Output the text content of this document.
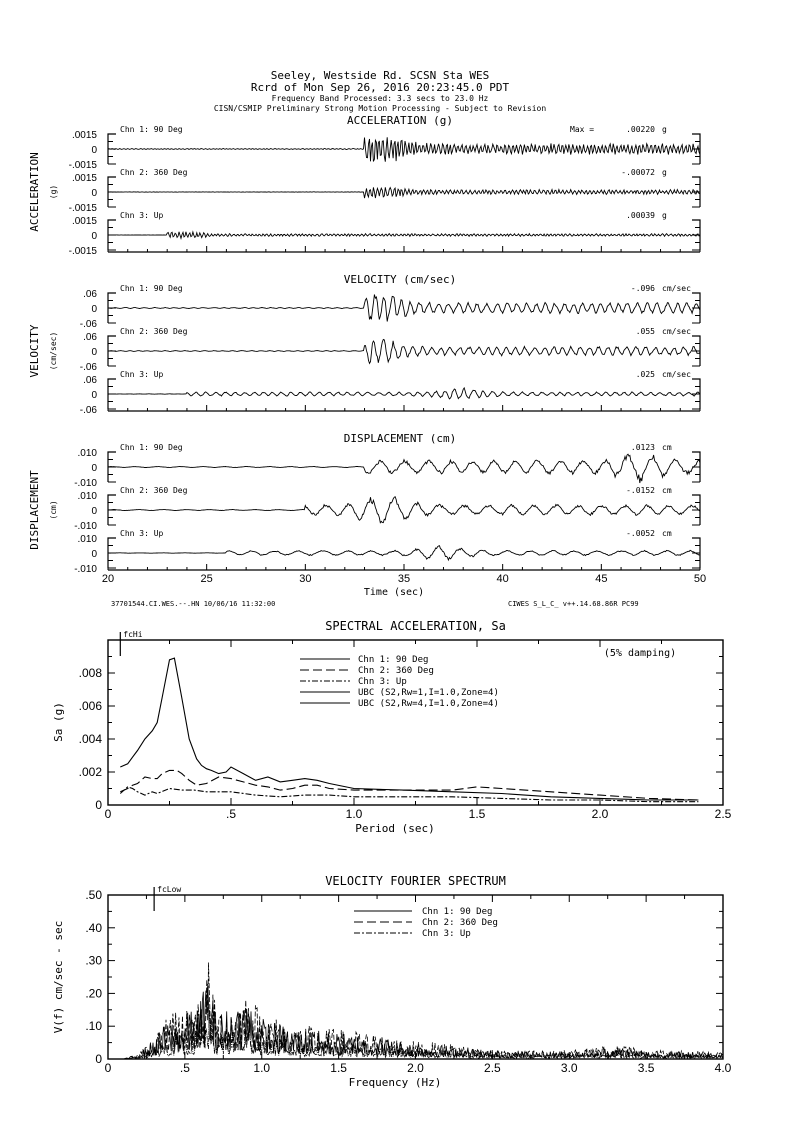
Seeley, Westside Rd. SCSN Sta WES
Rcrd of Mon Sep 26, 2016 20:23:45.0 PDT
Frequency Band Processed: 3.3 secs to 23.0 Hz
CISN/CSMIP Preliminary Strong Motion Processing - Subject to Revision
ACCELERATION (g)
ACCELERATION (g)
.0015
0
-.0015
Chn 1: 90 Deg	Max =	.00220 g
.0015
0
-.0015
Chn 2: 360 Deg	-.00072 g
.0015
0
-.0015
Chn 3: Up	.00039 g
VELOCITY (cm/sec)
VELOCITY (cm/sec)
.06
0
-.06
Chn 1: 90 Deg	-.096 cm/sec
.06
0
-.06
Chn 2: 360 Deg	.055 cm/sec
.06
0
-.06
Chn 3: Up	.025 cm/sec
DISPLACEMENT (cm)
DISPLACEMENT (cm)
.010
0
-.010
Chn 1: 90 Deg	.0123 cm
.010
0
-.010
Chn 2: 360 Deg	-.0152 cm
.010
0
-.010
Chn 3: Up	-.0052 cm
20	25	30	35	40	45	50
Time (sec)
37701544.CI.WES.--.HN 10/06/16 11:32:00	CIWES S_L_C_ v++.14.68.86R PC99
SPECTRAL ACCELERATION, Sa
0	.5	1.0	1.5	2.0	2.5
0
.002
.004
.006
.008
Period (sec)
Sa (g)
fcHi
(5% damping)
Chn 1: 90 Deg
Chn 2: 360 Deg
Chn 3: Up
UBC (S2,Rw=1,I=1.0,Zone=4)
UBC (S2,Rw=4,I=1.0,Zone=4)
VELOCITY FOURIER SPECTRUM
0	.5	1.0	1.5	2.0	2.5	3.0	3.5	4.0
0
.10
.20
.30
.40
.50
Frequency (Hz)
V(f) cm/sec - sec
fcLow
Chn 1: 90 Deg
Chn 2: 360 Deg
Chn 3: Up
